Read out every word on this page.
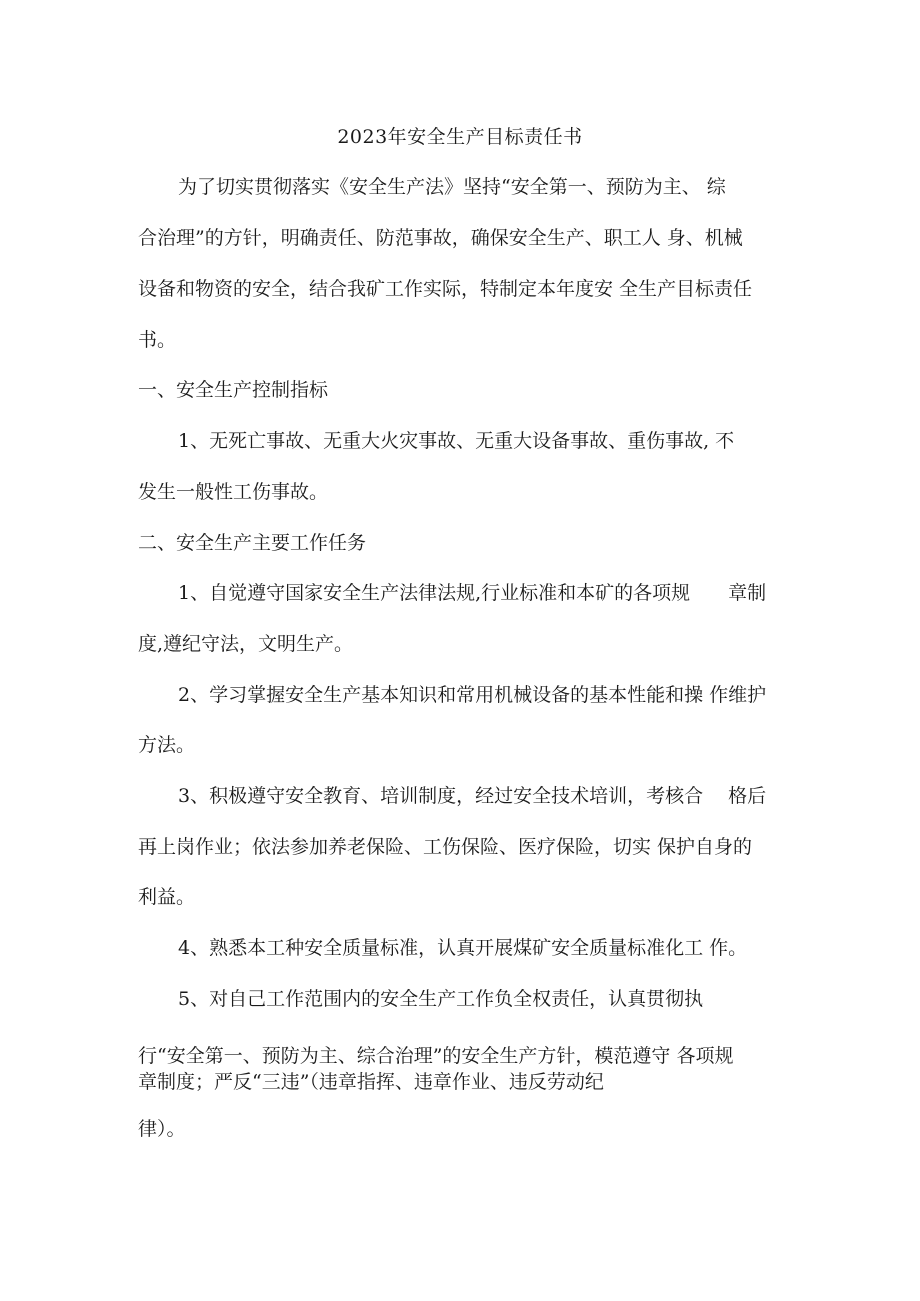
2023年安全生产目标责任书
为了切实贯彻落实《安全生产法》坚持“安全第一、预防为主、 综
合治理”的方针，明确责任、防范事故，确保安全生产、职工人 身、机械
设备和物资的安全，结合我矿工作实际，特制定本年度安 全生产目标责任
书。
一、安全生产控制指标
1、无死亡事故、无重大火灾事故、无重大设备事故、重伤事故, 不
发生一般性工伤事故。
二、安全生产主要工作任务
1、自觉遵守国家安全生产法律法规,行业标准和本矿的各项规　　章制
度,遵纪守法，文明生产。
2、学习掌握安全生产基本知识和常用机械设备的基本性能和操 作维护
方法。
3、积极遵守安全教育、培训制度，经过安全技术培训，考核合　 格后
再上岗作业；依法参加养老保险、工伤保险、医疗保险，切实 保护自身的
利益。
4、熟悉本工种安全质量标准，认真开展煤矿安全质量标准化工 作。
5、对自己工作范围内的安全生产工作负全权责任，认真贯彻执
行“安全第一、预防为主、综合治理”的安全生产方针，模范遵守 各项规
章制度；严反“三违”（违章指挥、违章作业、违反劳动纪
律）。
